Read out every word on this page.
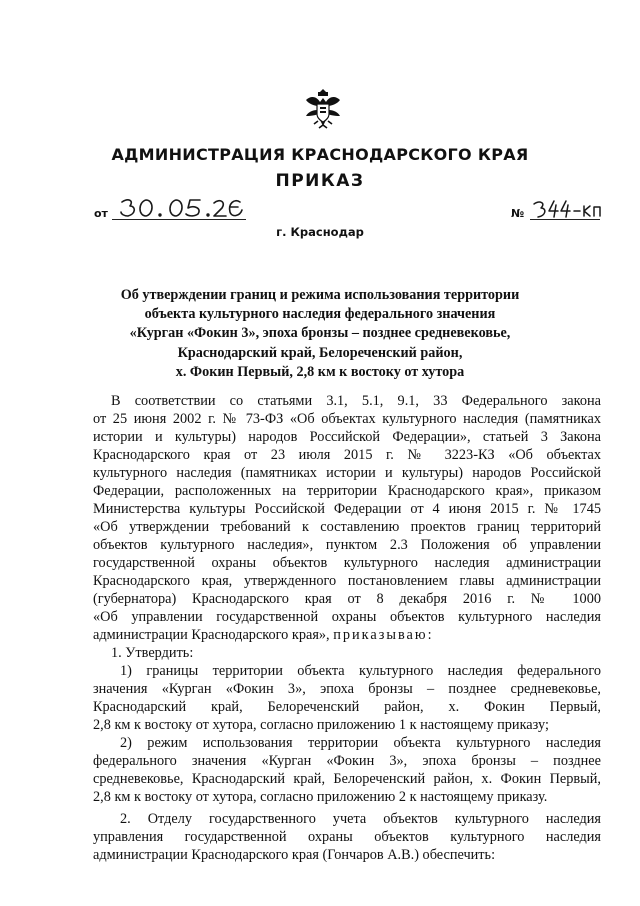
АДМИНИСТРАЦИЯ КРАСНОДАРСКОГО КРАЯ
ПРИКАЗ
от
г. Краснодар
№
Об утверждении границ и режима использования территории
объекта культурного наследия федерального значения
«Курган «Фокин 3», эпоха бронзы – позднее средневековье,
Краснодарский край, Белореченский район,
х. Фокин Первый, 2,8 км к востоку от хутора
В соответствии со статьями 3.1, 5.1, 9.1, 33 Федерального закона
от 25 июня 2002 г. № 73-ФЗ «Об объектах культурного наследия (памятниках
истории и культуры) народов Российской Федерации», статьей 3 Закона
Краснодарского края от 23 июля 2015 г. № 3223-КЗ «Об объектах
культурного наследия (памятниках истории и культуры) народов Российской
Федерации, расположенных на территории Краснодарского края», приказом
Министерства культуры Российской Федерации от 4 июня 2015 г. № 1745
«Об утверждении требований к составлению проектов границ территорий
объектов культурного наследия», пунктом 2.3 Положения об управлении
государственной охраны объектов культурного наследия администрации
Краснодарского края, утвержденного постановлением главы администрации
(губернатора) Краснодарского края от 8 декабря 2016 г. № 1000
«Об управлении государственной охраны объектов культурного наследия
администрации Краснодарского края», приказываю:
1. Утвердить:
1) границы территории объекта культурного наследия федерального
значения «Курган «Фокин 3», эпоха бронзы – позднее средневековье,
Краснодарский край, Белореченский район, х. Фокин Первый,
2,8 км к востоку от хутора, согласно приложению 1 к настоящему приказу;
2) режим использования территории объекта культурного наследия
федерального значения «Курган «Фокин 3», эпоха бронзы – позднее
средневековье, Краснодарский край, Белореченский район, х. Фокин Первый,
2,8 км к востоку от хутора, согласно приложению 2 к настоящему приказу.
2. Отделу государственного учета объектов культурного наследия
управления государственной охраны объектов культурного наследия
администрации Краснодарского края (Гончаров А.В.) обеспечить:
